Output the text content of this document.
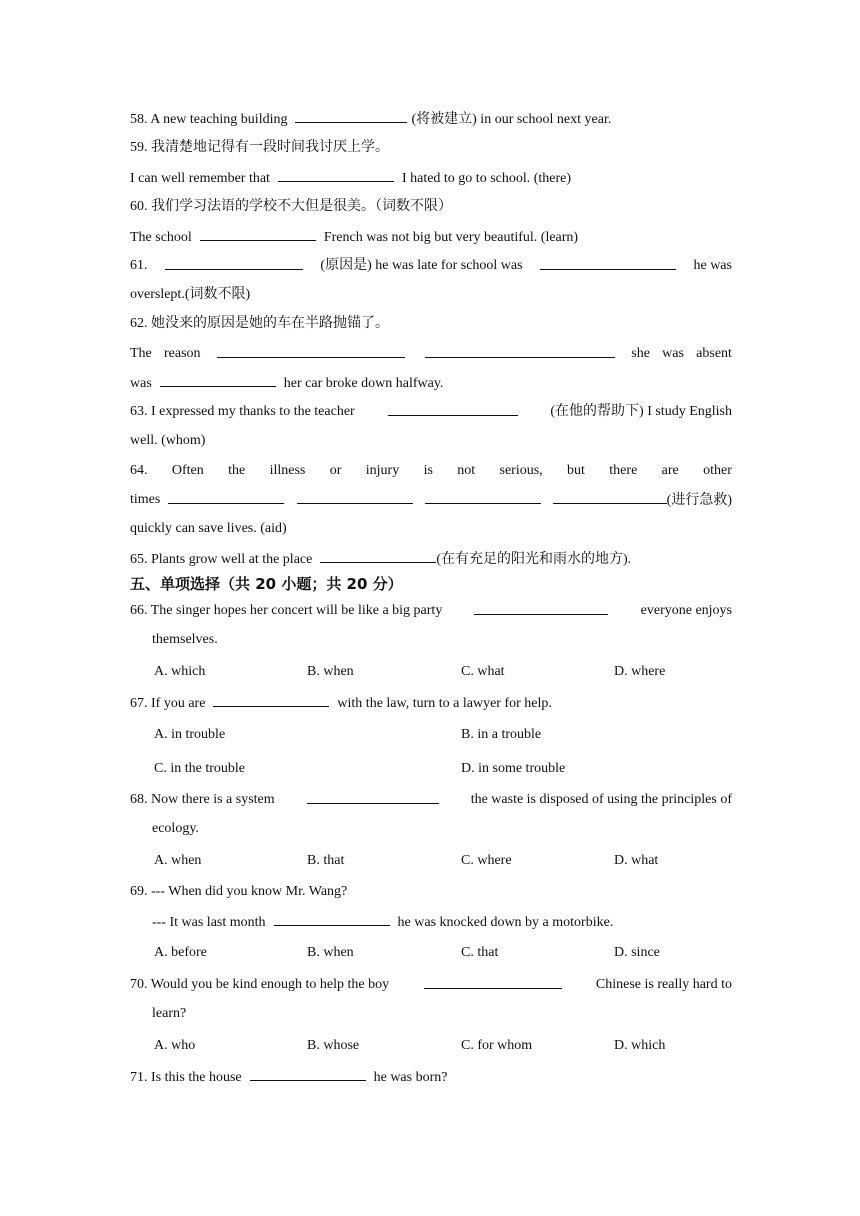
58. A new teaching building	(将被建立) in our school next year.
59. 我清楚地记得有一段时间我讨厌上学。
I can well remember that	I hated to go to school. (there)
60. 我们学习法语的学校不大但是很美。（词数不限）
The school	French was not big but very beautiful. (learn)
61.	(原因是) he was late for school was	he was
overslept.(词数不限)
62. 她没来的原因是她的车在半路抛锚了。
The reason	she was absent
was	her car broke down halfway.
63. I expressed my thanks to the teacher	(在他的帮助下) I study English
well. (whom)
64. Often the illness or injury is not serious, but there are other
times	(进行急救)
quickly can save lives. (aid)
65. Plants grow well at the place	(在有充足的阳光和雨水的地方).
五、单项选择（共 20 小题；共 20 分）
66. The singer hopes her concert will be like a big party	everyone enjoys
themselves.
A. which	B. when	C. what	D. where
67. If you are	with the law, turn to a lawyer for help.
A. in trouble	B. in a trouble
C. in the trouble	D. in some trouble
68. Now there is a system	the waste is disposed of using the principles of
ecology.
A. when	B. that	C. where	D. what
69. --- When did you know Mr. Wang?
--- It was last month	he was knocked down by a motorbike.
A. before	B. when	C. that	D. since
70. Would you be kind enough to help the boy	Chinese is really hard to
learn?
A. who	B. whose	C. for whom	D. which
71. Is this the house	he was born?
